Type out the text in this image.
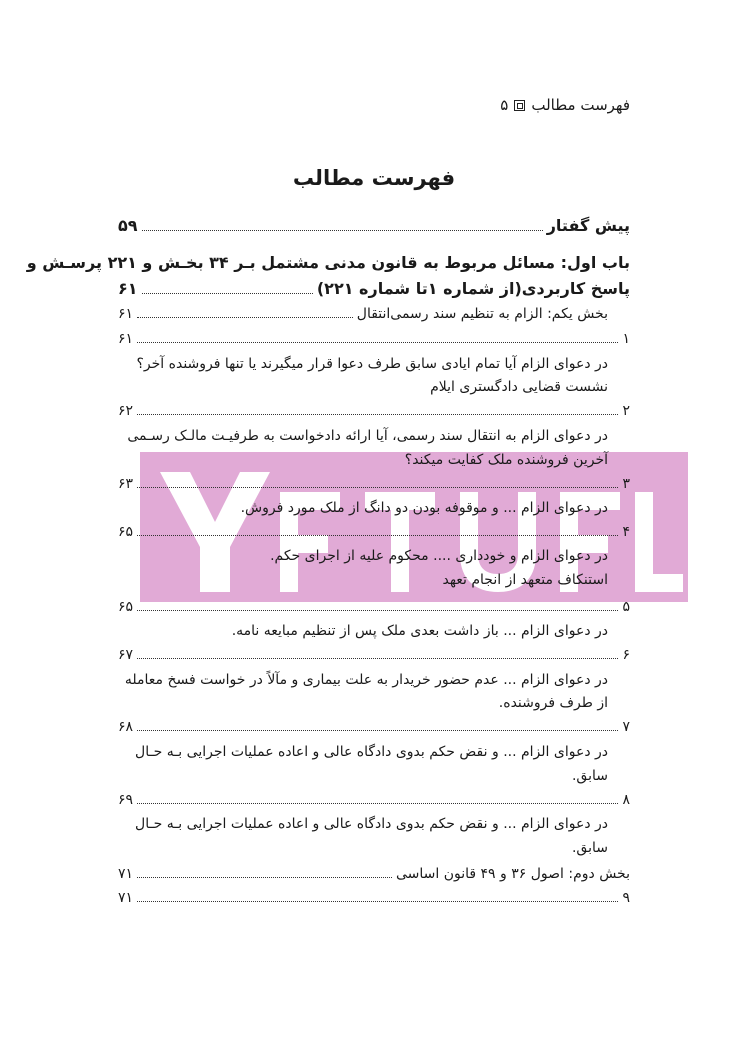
فهرست مطالب
۵
فهرست مطالب
پیش گفتار
۵۹
باب اول: مسائل مربوط به قانون مدنی مشتمل بـر ۳۴ بخـش و ۲۲۱ پرسـش و
پاسخ کاربردی(از شماره ۱تا شماره ۲۲۱)
۶۱
بخش یکم: الزام به تنظیم سند رسمی‌انتقال
۶۱
۱
۶۱
در دعوای الزام آیا تمام ایادی سابق طرف دعوا قرار میگیرند یا تنها فروشنده آخر؟
نشست قضایی دادگستری ایلام
۲
۶۲
در دعوای الزام به انتقال سند رسمی، آیا ارائه دادخواست به طرفیـت مالـک رسـمی
آخرین فروشنده ملک کفایت میکند؟
۳
۶۳
در دعوای الزام ... و موقوفه بودن دو دانگ از ملک مورد فروش.
۴
۶۵
در دعوای الزام و خودداری .... محکوم علیه از اجرای حکم.
استنکاف متعهد از انجام تعهد
۵
۶۵
در دعوای الزام ... باز داشت بعدی ملک پس از تنظیم مبایعه نامه.
۶
۶۷
در دعوای الزام ... عدم حضور خریدار به علت بیماری و مآلاً در خواست فسخ معامله
از طرف فروشنده.
۷
۶۸
در دعوای الزام ... و نقض حکم بدوی دادگاه عالی و اعاده عملیات اجرایی بـه حـال
سابق.
۸
۶۹
در دعوای الزام ... و نقض حکم بدوی دادگاه عالی و اعاده عملیات اجرایی بـه حـال
سابق.
بخش دوم: اصول ۳۶ و ۴۹ قانون اساسی
۷۱
۹
۷۱
